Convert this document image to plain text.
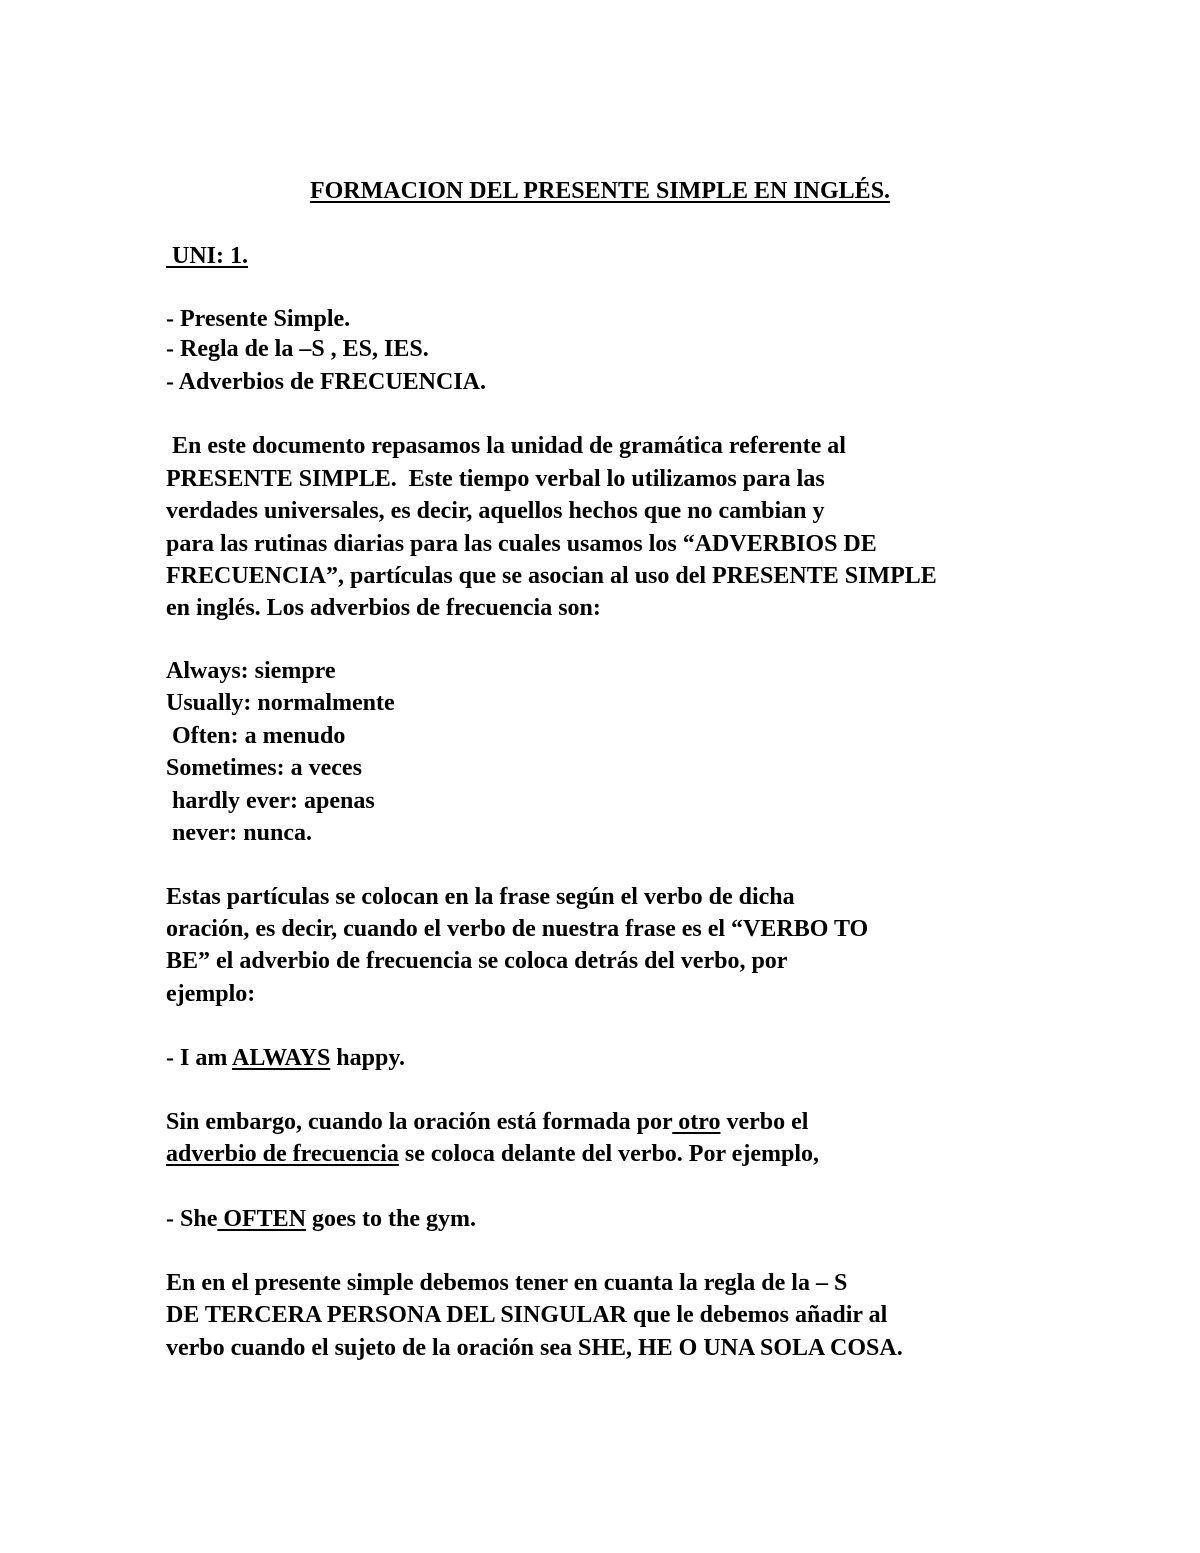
FORMACION DEL PRESENTE SIMPLE EN INGLÉS.
UNI: 1.
- Presente Simple.
- Regla de la –S , ES, IES.
- Adverbios de FRECUENCIA.
En este documento repasamos la unidad de gramática referente al
PRESENTE SIMPLE.  Este tiempo verbal lo utilizamos para las
verdades universales, es decir, aquellos hechos que no cambian y
para las rutinas diarias para las cuales usamos los “ADVERBIOS DE
FRECUENCIA”, partículas que se asocian al uso del PRESENTE SIMPLE
en inglés. Los adverbios de frecuencia son:
Always: siempre
Usually: normalmente
Often: a menudo
Sometimes: a veces
hardly ever: apenas
never: nunca.
Estas partículas se colocan en la frase según el verbo de dicha
oración, es decir, cuando el verbo de nuestra frase es el “VERBO TO
BE” el adverbio de frecuencia se coloca detrás del verbo, por
ejemplo:
- I am ALWAYS happy.
Sin embargo, cuando la oración está formada por otro verbo el
adverbio de frecuencia se coloca delante del verbo. Por ejemplo,
- She OFTEN goes to the gym.
En en el presente simple debemos tener en cuanta la regla de la – S
DE TERCERA PERSONA DEL SINGULAR que le debemos añadir al
verbo cuando el sujeto de la oración sea SHE, HE O UNA SOLA COSA.
